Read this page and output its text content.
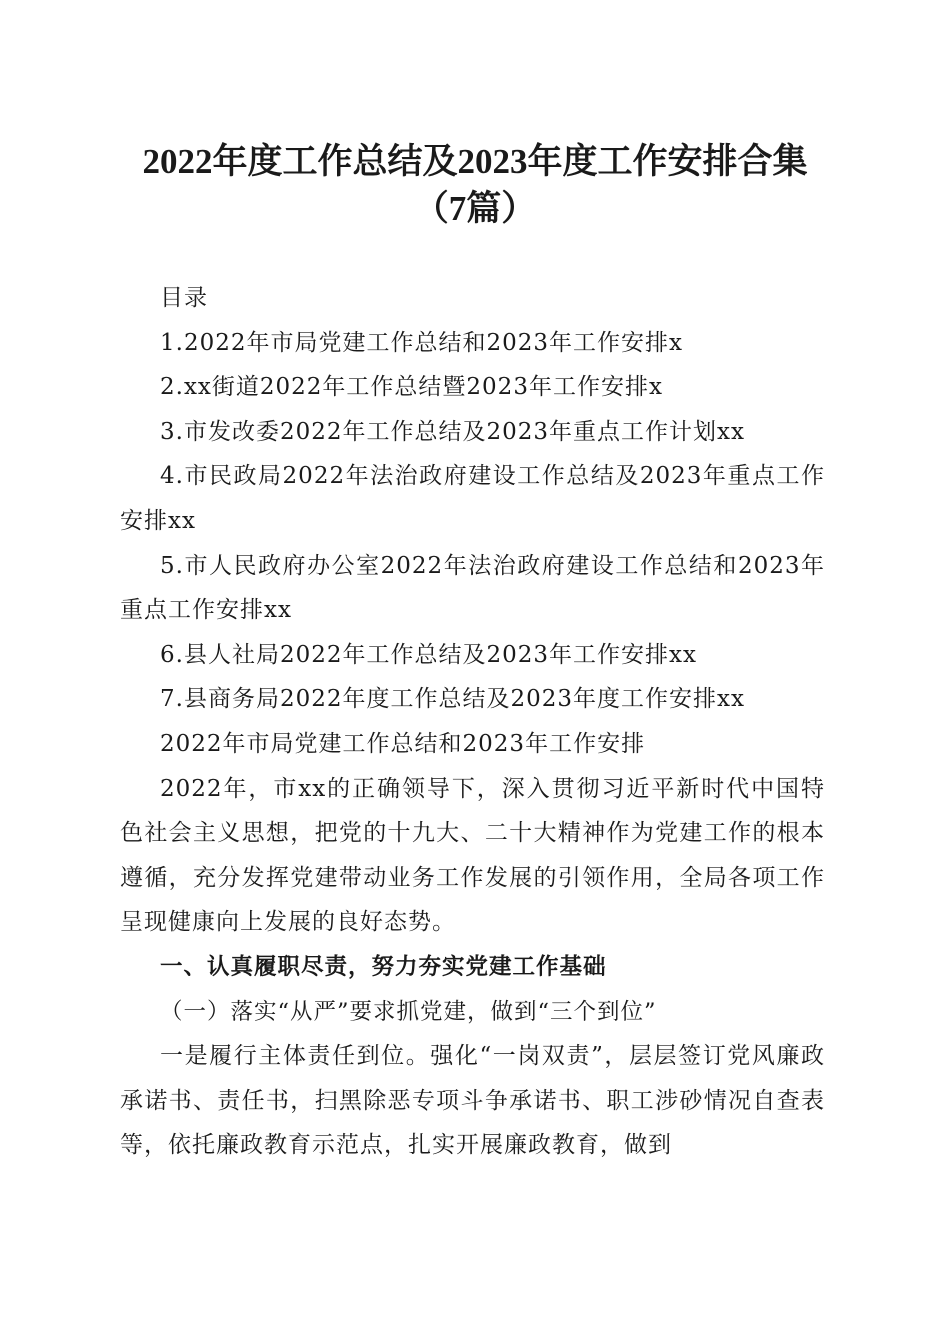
2022年度工作总结及2023年度工作安排合集
（7篇）

目录

1.2022年市局党建工作总结和2023年工作安排x

2.xx街道2022年工作总结暨2023年工作安排x

3.市发改委2022年工作总结及2023年重点工作计划xx

4.市民政局2022年法治政府建设工作总结及2023年重点工作安排xx

5.市人民政府办公室2022年法治政府建设工作总结和2023年重点工作安排xx

6.县人社局2022年工作总结及2023年工作安排xx

7.县商务局2022年度工作总结及2023年度工作安排xx

2022年市局党建工作总结和2023年工作安排

2022年，市xx的正确领导下，深入贯彻习近平新时代中国特色社会主义思想，把党的十九大、二十大精神作为党建工作的根本遵循，充分发挥党建带动业务工作发展的引领作用，全局各项工作呈现健康向上发展的良好态势。

一、认真履职尽责，努力夯实党建工作基础

（一）落实“从严”要求抓党建，做到“三个到位”

一是履行主体责任到位。强化“一岗双责”，层层签订党风廉政承诺书、责任书，扫黑除恶专项斗争承诺书、职工涉砂情况自查表等，依托廉政教育示范点，扎实开展廉政教育，做到
